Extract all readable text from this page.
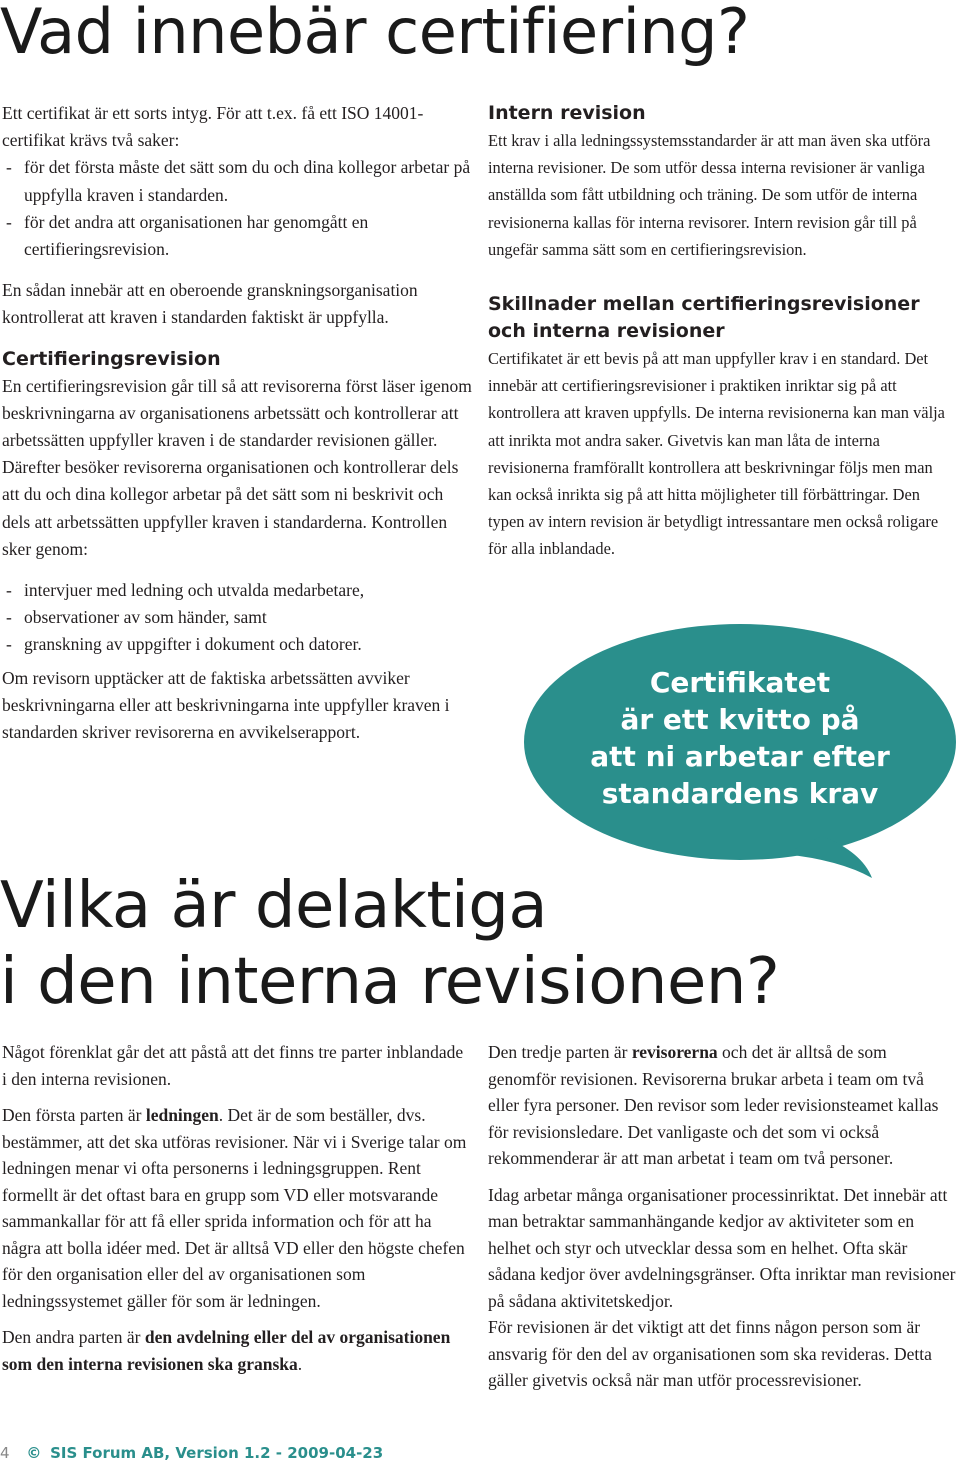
Vad innebär certifiering?

Ett certifikat är ett sorts intyg. För att t.ex. få ett ISO 14001-certifikat krävs två saker:

- för det första måste det sätt som du och dina kollegor arbetar på uppfylla kraven i standarden.
- för det andra att organisationen har genomgått en certifieringsrevision.

En sådan innebär att en oberoende granskningsorganisation kontrollerat att kraven i standarden faktiskt är uppfylla.

Certifieringsrevision

En certifieringsrevision går till så att revisorerna först läser igenom beskrivningarna av organisationens arbetssätt och kontrollerar att arbetssätten uppfyller kraven i de standarder revisionen gäller. Därefter besöker revisorerna organisationen och kontrollerar dels att du och dina kollegor arbetar på det sätt som ni beskrivit och dels att arbetssätten uppfyller kraven i standarderna. Kontrollen sker genom:

- intervjuer med ledning och utvalda medarbetare,
- observationer av som händer, samt
- granskning av uppgifter i dokument och datorer.

Om revisorn upptäcker att de faktiska arbetssätten avviker beskrivningarna eller att beskrivningarna inte uppfyller kraven i standarden skriver revisorerna en avvikelserapport.

Intern revision

Ett krav i alla ledningssystemsstandarder är att man även ska utföra interna revisioner. De som utför dessa interna revisioner är vanliga anställda som fått utbildning och träning. De som utför de interna revisionerna kallas för interna revisorer. Intern revision går till på ungefär samma sätt som en certifieringsrevision.

Skillnader mellan certifieringsrevisioner och interna revisioner

Certifikatet är ett bevis på att man uppfyller krav i en standard. Det innebär att certifieringsrevisioner i praktiken inriktar sig på att kontrollera att kraven uppfylls. De interna revisionerna kan man välja att inrikta mot andra saker. Givetvis kan man låta de interna revisionerna framförallt kontrollera att beskrivningar följs men man kan också inrikta sig på att hitta möjligheter till förbättringar. Den typen av intern revision är betydligt intressantare men också roligare för alla inblandade.

Certifikatet
är ett kvitto på
att ni arbetar efter
standardens krav
Vilka är delaktiga
i den interna revisionen?

Något förenklat går det att påstå att det finns tre parter inblandade i den interna revisionen.

Den första parten är ledningen. Det är de som beställer, dvs. bestämmer, att det ska utföras revisioner. När vi i Sverige talar om ledningen menar vi ofta personerns i ledningsgruppen. Rent formellt är det oftast bara en grupp som VD eller motsvarande sammankallar för att få eller sprida information och för att ha några att bolla idéer med. Det är alltså VD eller den högste chefen för den organisation eller del av organisationen som ledningssystemet gäller för som är ledningen.

Den andra parten är den avdelning eller del av organisationen som den interna revisionen ska granska.

Den tredje parten är revisorerna och det är alltså de som genomför revisionen. Revisorerna brukar arbeta i team om två eller fyra personer. Den revisor som leder revisionsteamet kallas för revisionsledare. Det vanligaste och det som vi också rekommenderar är att man arbetat i team om två personer.

Idag arbetar många organisationer processinriktat. Det innebär att man betraktar sammanhängande kedjor av aktiviteter som en helhet och styr och utvecklar dessa som en helhet. Ofta skär sådana kedjor över avdelningsgränser. Ofta inriktar man revisioner på sådana aktivitetskedjor.

För revisionen är det viktigt att det finns någon person som är ansvarig för den del av organisationen som ska revideras. Detta gäller givetvis också när man utför processrevisioner.

4 © SIS Forum AB, Version 1.2 - 2009-04-23
